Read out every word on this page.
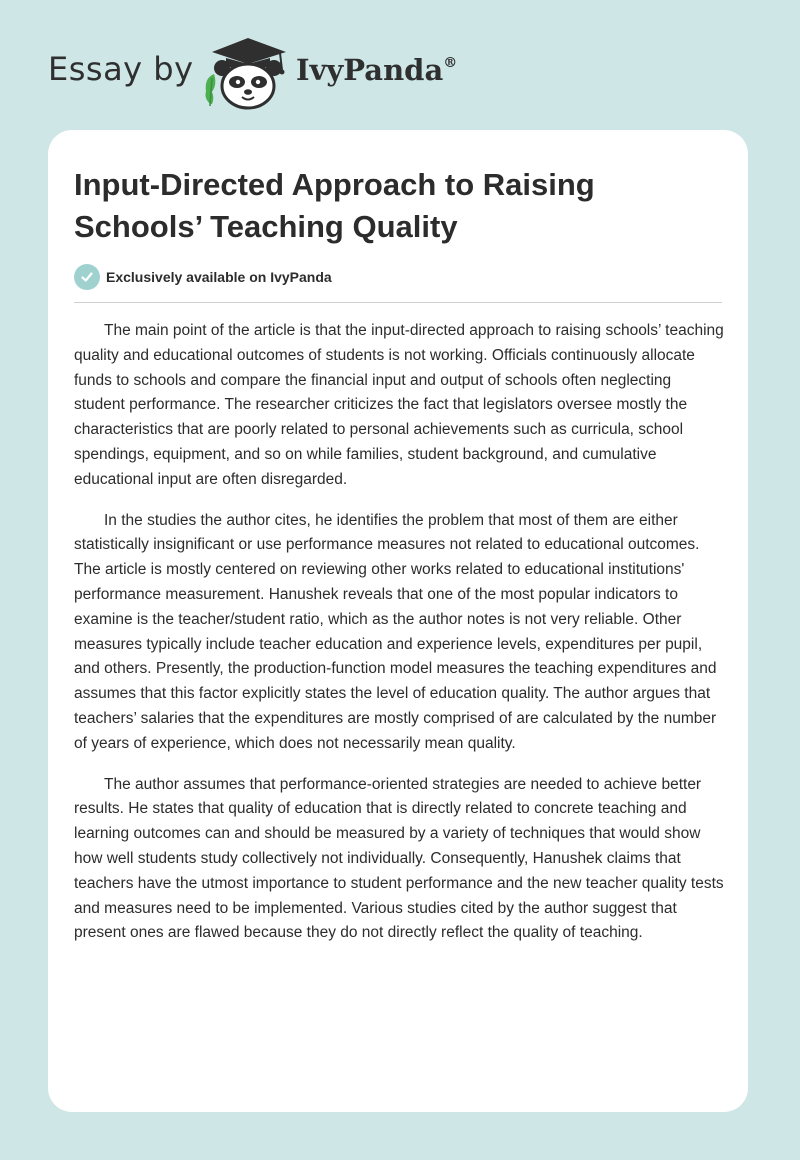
Essay by	IvyPanda®
Input-Directed Approach to Raising Schools’ Teaching Quality
Exclusively available on IvyPanda

The main point of the article is that the input-directed approach to raising schools’ teaching quality and educational outcomes of students is not working. Officials continuously allocate funds to schools and compare the financial input and output of schools often neglecting student performance. The researcher criticizes the fact that legislators oversee mostly the characteristics that are poorly related to personal achievements such as curricula, school spendings, equipment, and so on while families, student background, and cumulative educational input are often disregarded.

In the studies the author cites, he identifies the problem that most of them are either statistically insignificant or use performance measures not related to educational outcomes. The article is mostly centered on reviewing other works related to educational institutions' performance measurement. Hanushek reveals that one of the most popular indicators to examine is the teacher/student ratio, which as the author notes is not very reliable. Other measures typically include teacher education and experience levels, expenditures per pupil, and others. Presently, the production-function model measures the teaching expenditures and assumes that this factor explicitly states the level of education quality. The author argues that teachers’ salaries that the expenditures are mostly comprised of are calculated by the number of years of experience, which does not necessarily mean quality.

The author assumes that performance-oriented strategies are needed to achieve better results. He states that quality of education that is directly related to concrete teaching and learning outcomes can and should be measured by a variety of techniques that would show how well students study collectively not individually. Consequently, Hanushek claims that teachers have the utmost importance to student performance and the new teacher quality tests and measures need to be implemented. Various studies cited by the author suggest that present ones are flawed because they do not directly reflect the quality of teaching.
